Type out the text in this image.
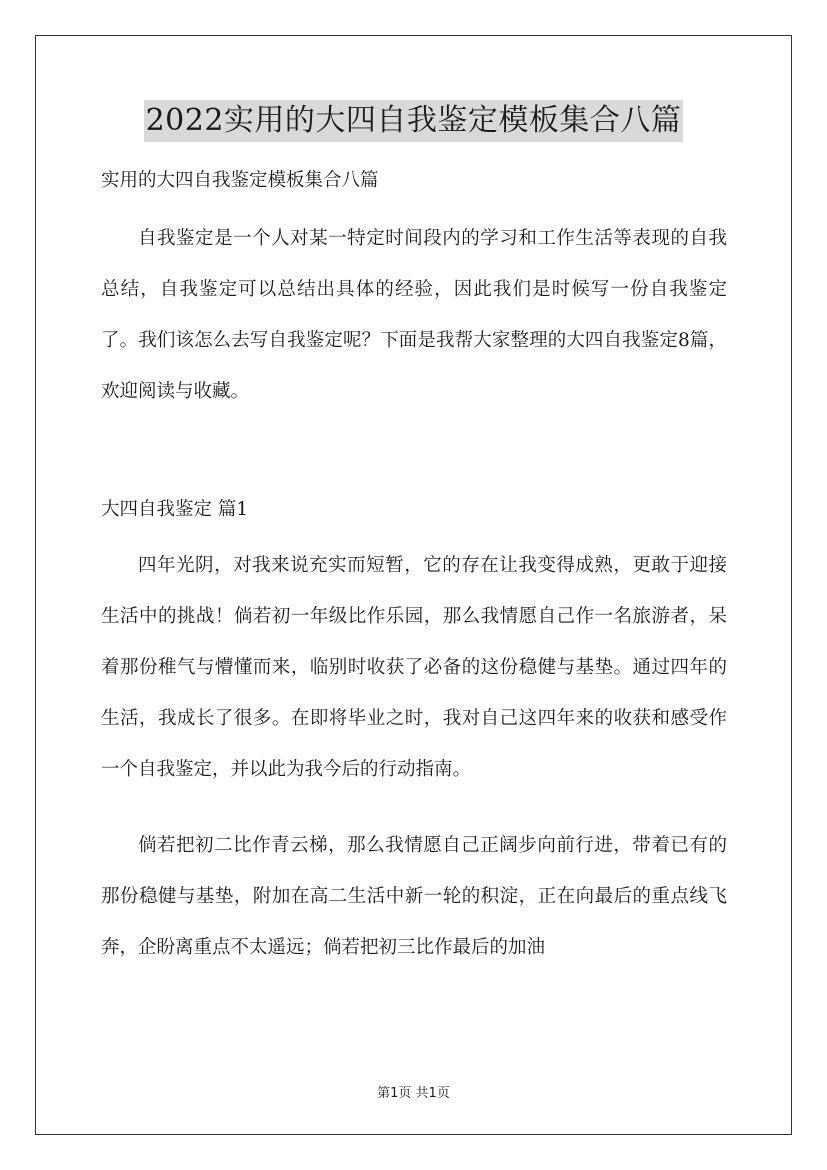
2022实用的大四自我鉴定模板集合八篇

实用的大四自我鉴定模板集合八篇

自我鉴定是一个人对某一特定时间段内的学习和工作生活等表现的自我总结，自我鉴定可以总结出具体的经验，因此我们是时候写一份自我鉴定了。我们该怎么去写自我鉴定呢？下面是我帮大家整理的大四自我鉴定8篇，欢迎阅读与收藏。

大四自我鉴定 篇1

四年光阴，对我来说充实而短暂，它的存在让我变得成熟，更敢于迎接生活中的挑战！倘若初一年级比作乐园，那么我情愿自己作一名旅游者，呆着那份稚气与懵懂而来，临别时收获了必备的这份稳健与基垫。通过四年的生活，我成长了很多。在即将毕业之时，我对自己这四年来的收获和感受作一个自我鉴定，并以此为我今后的行动指南。

倘若把初二比作青云梯，那么我情愿自己正阔步向前行进，带着已有的那份稳健与基垫，附加在高二生活中新一轮的积淀，正在向最后的重点线飞奔，企盼离重点不太遥远；倘若把初三比作最后的加油

第1页 共1页
